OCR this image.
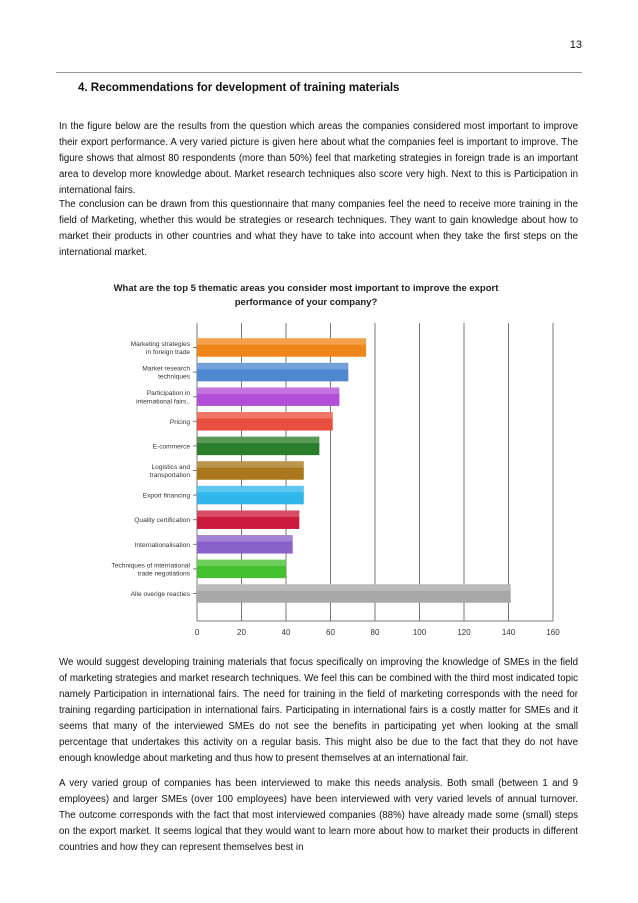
13
4. Recommendations for development of training materials

In the figure below are the results from the question which areas the companies considered most important to improve their export performance. A very varied picture is given here about what the companies feel is important to improve. The figure shows that almost 80 respondents (more than 50%) feel that marketing strategies in foreign trade is an important area to develop more knowledge about. Market research techniques also score very high. Next to this is Participation in international fairs.

The conclusion can be drawn from this questionnaire that many companies feel the need to receive more training in the field of Marketing, whether this would be strategies or research techniques. They want to gain knowledge about how to market their products in other countries and what they have to take into account when they take the first steps on the international market.

What are the top 5 thematic areas you consider most important to improve the export
performance of your company?
0	20	40	60	80	100	120	140	160
Marketing strategies
in foreign trade
Market research
techniques
Participation in
international fairs..
Pricing
E-commerce
Logistics and
transportation
Export financing
Quality certification
Internationalisation
Techniques of international
trade negotiations
Alle overige reacties

We would suggest developing training materials that focus specifically on improving the knowledge of SMEs in the field of marketing strategies and market research techniques. We feel this can be combined with the third most indicated topic namely Participation in international fairs. The need for training in the field of marketing corresponds with the need for training regarding participation in international fairs. Participating in international fairs is a costly matter for SMEs and it seems that many of the interviewed SMEs do not see the benefits in participating yet when looking at the small percentage that undertakes this activity on a regular basis. This might also be due to the fact that they do not have enough knowledge about marketing and thus how to present themselves at an international fair.

A very varied group of companies has been interviewed to make this needs analysis. Both small (between 1 and 9 employees) and larger SMEs (over 100 employees) have been interviewed with very varied levels of annual turnover. The outcome corresponds with the fact that most interviewed companies (88%) have already made some (small) steps on the export market. It seems logical that they would want to learn more about how to market their products in different countries and how they can represent themselves best in
